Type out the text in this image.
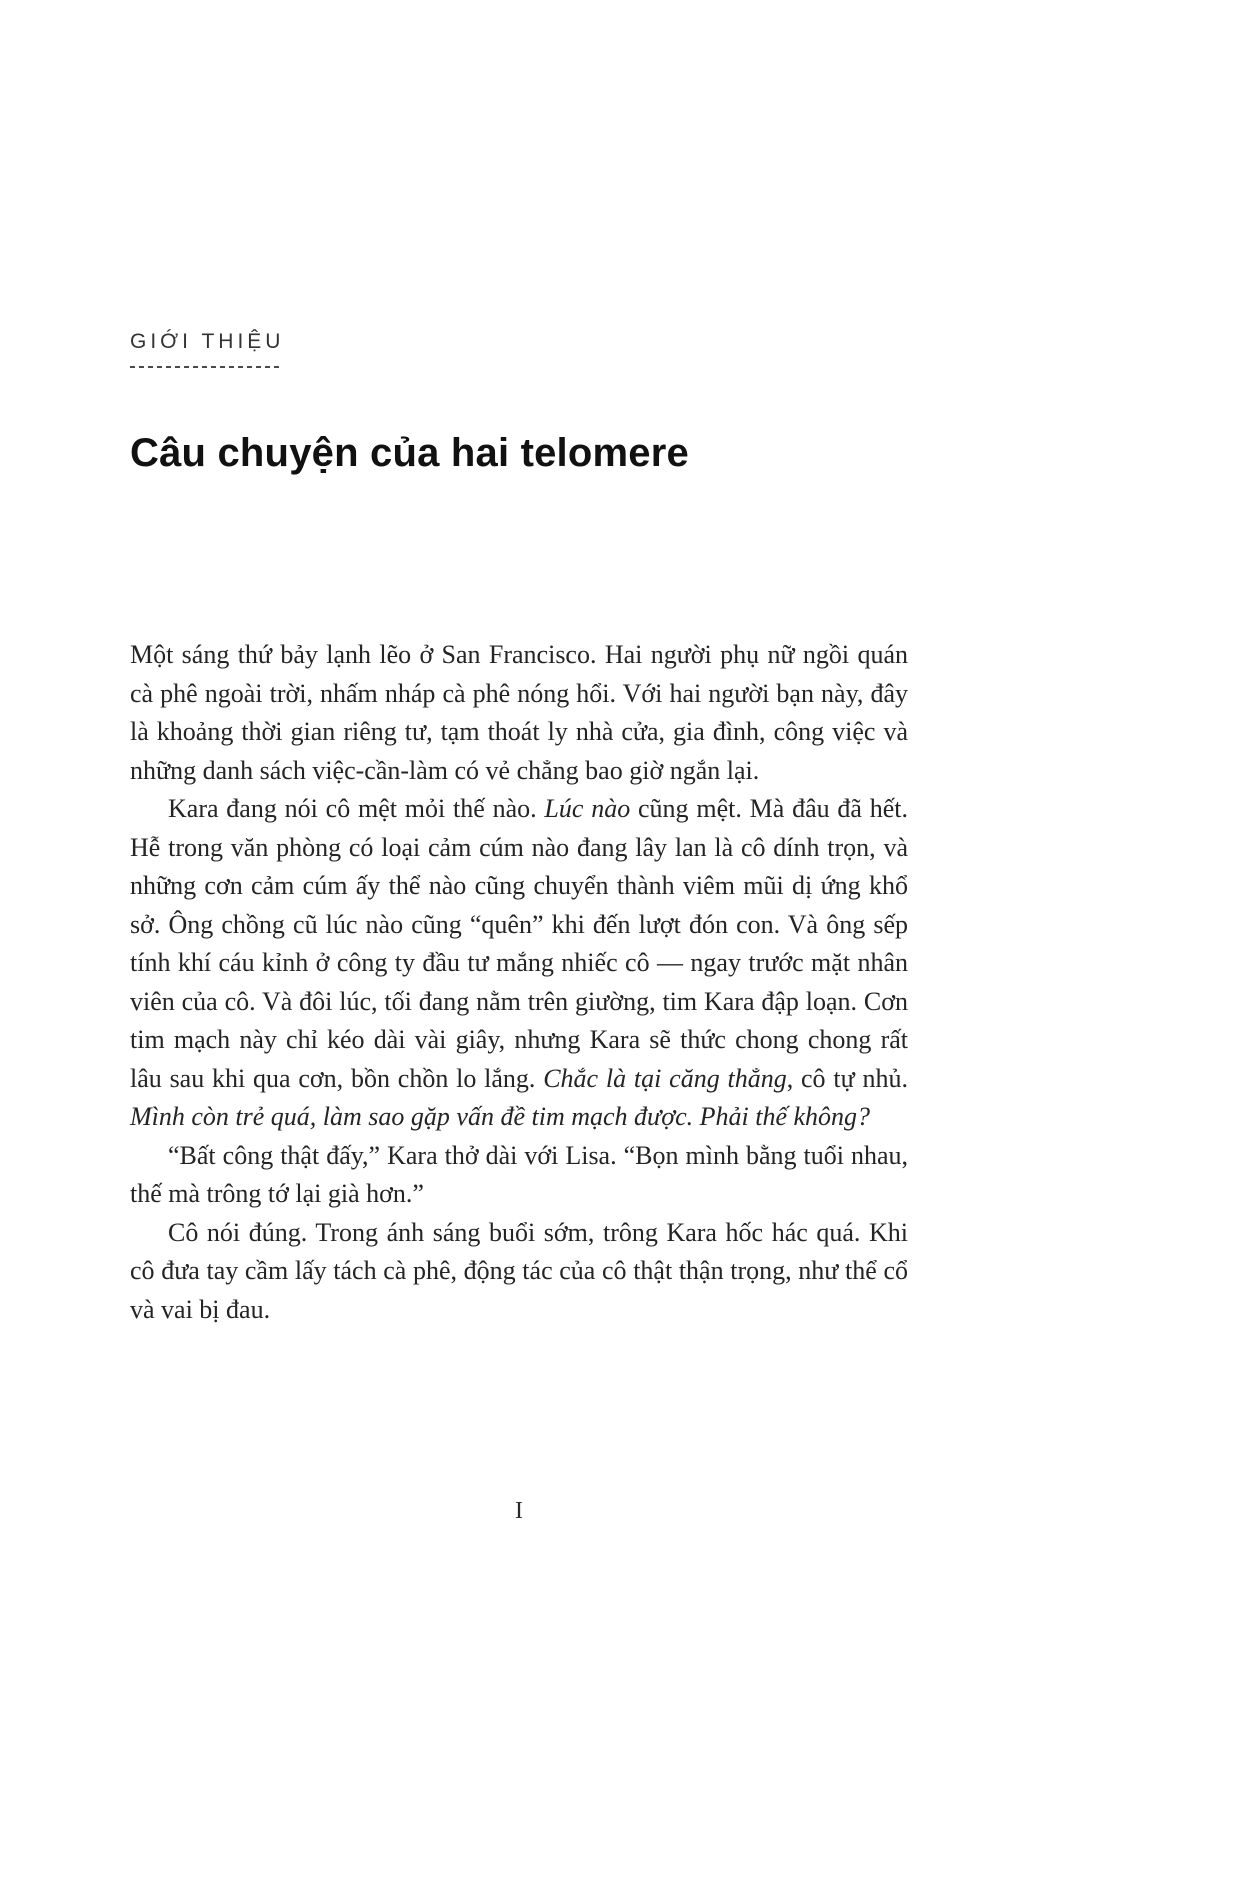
GIỚI THIỆU
Câu chuyện của hai telomere

Một sáng thứ bảy lạnh lẽo ở San Francisco. Hai người phụ nữ ngồi quán cà phê ngoài trời, nhấm nháp cà phê nóng hổi. Với hai người bạn này, đây là khoảng thời gian riêng tư, tạm thoát ly nhà cửa, gia đình, công việc và những danh sách việc-cần-làm có vẻ chẳng bao giờ ngắn lại.

Kara đang nói cô mệt mỏi thế nào. Lúc nào cũng mệt. Mà đâu đã hết. Hễ trong văn phòng có loại cảm cúm nào đang lây lan là cô dính trọn, và những cơn cảm cúm ấy thể nào cũng chuyển thành viêm mũi dị ứng khổ sở. Ông chồng cũ lúc nào cũng “quên” khi đến lượt đón con. Và ông sếp tính khí cáu kỉnh ở công ty đầu tư mắng nhiếc cô — ngay trước mặt nhân viên của cô. Và đôi lúc, tối đang nằm trên giường, tim Kara đập loạn. Cơn tim mạch này chỉ kéo dài vài giây, nhưng Kara sẽ thức chong chong rất lâu sau khi qua cơn, bồn chồn lo lắng. Chắc là tại căng thẳng, cô tự nhủ. Mình còn trẻ quá, làm sao gặp vấn đề tim mạch được. Phải thế không?

“Bất công thật đấy,” Kara thở dài với Lisa. “Bọn mình bằng tuổi nhau, thế mà trông tớ lại già hơn.”

Cô nói đúng. Trong ánh sáng buổi sớm, trông Kara hốc hác quá. Khi cô đưa tay cầm lấy tách cà phê, động tác của cô thật thận trọng, như thể cổ và vai bị đau.

I
